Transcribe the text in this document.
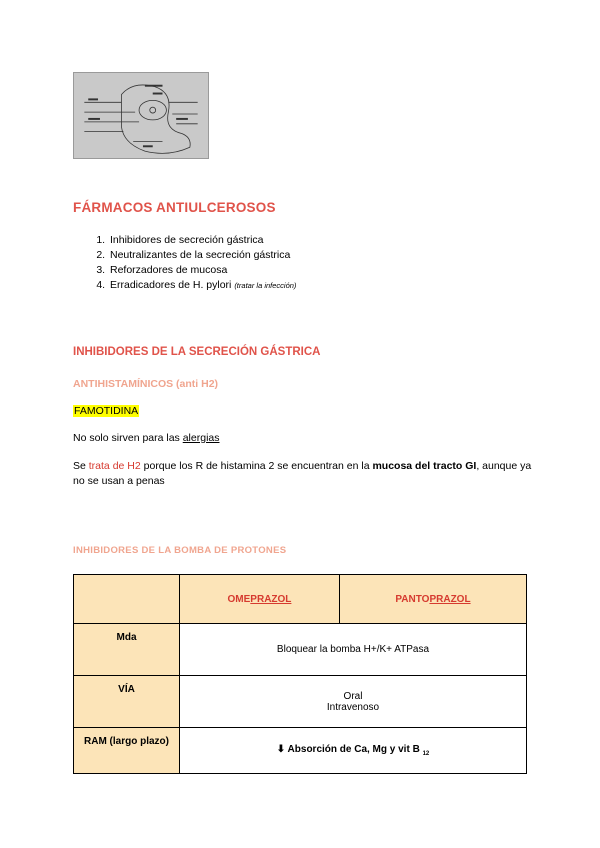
FÁRMACOS ANTIULCEROSOS
1. Inhibidores de secreción gástrica
2. Neutralizantes de la secreción gástrica
3. Reforzadores de mucosa
4. Erradicadores de H. pylori (tratar la infección)
INHIBIDORES DE LA SECRECIÓN GÁSTRICA
ANTIHISTAMÍNICOS (anti H2)
FAMOTIDINA
No solo sirven para las alergias
Se trata de H2 porque los R de histamina 2 se encuentran en la mucosa del tracto GI, aunque ya no se usan a penas
INHIBIDORES DE LA BOMBA DE PROTONES
	OMEPRAZOL	PANTOPRAZOL
Mda	Bloquear la bomba H+/K+ ATPasa	
VÍA	Oral
Intravenoso	

RAM (largo plazo)	⬇ Absorción de Ca, Mg y vit B $_{12}$
